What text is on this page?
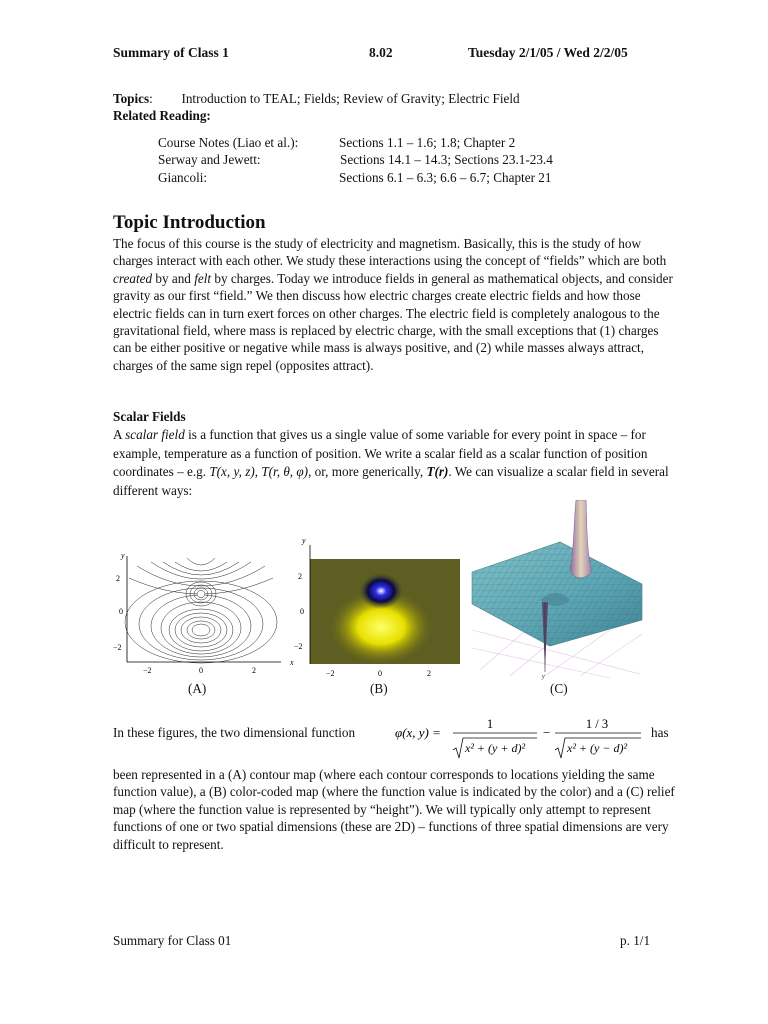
Summary of Class 1	8.02	Tuesday 2/1/05 / Wed 2/2/05
Topics: Introduction to TEAL; Fields; Review of Gravity; Electric Field
Related Reading:
Course Notes (Liao et al.):	Sections 1.1 – 1.6; 1.8; Chapter 2
Serway and Jewett:	Sections 14.1 – 14.3; Sections 23.1-23.4
Giancoli:	Sections 6.1 – 6.3; 6.6 – 6.7; Chapter 21
Topic Introduction

The focus of this course is the study of electricity and magnetism. Basically, this is the study of how charges interact with each other. We study these interactions using the concept of “fields” which are both created by and felt by charges. Today we introduce fields in general as mathematical objects, and consider gravity as our first “field.” We then discuss how electric charges create electric fields and how those electric fields can in turn exert forces on other charges. The electric field is completely analogous to the gravitational field, where mass is replaced by electric charge, with the small exceptions that (1) charges can be either positive or negative while mass is always positive, and (2) while masses always attract, charges of the same sign repel (opposites attract).

Scalar Fields

A scalar field is a function that gives us a single value of some variable for every point in space – for example, temperature as a function of position. We write a scalar field as a scalar function of position coordinates – e.g. T(x, y, z), T(r, θ, φ), or, more generically, T(r). We can visualize a scalar field in several different ways:

y
2
0
−2
−2	0	2
(A)
y
2
0
−2
−2	0	2
x
(B)
y
(C)
In these figures, the two dimensional function	φ(x, y) =
1
x² + (y + d)²
−
1 / 3
x² + (y − d)²
has

been represented in a (A) contour map (where each contour corresponds to locations yielding the same function value), a (B) color-coded map (where the function value is indicated by the color) and a (C) relief map (where the function value is represented by “height”). We will typically only attempt to represent functions of one or two spatial dimensions (these are 2D) – functions of three spatial dimensions are very difficult to represent.

Summary for Class 01	p. 1/1
